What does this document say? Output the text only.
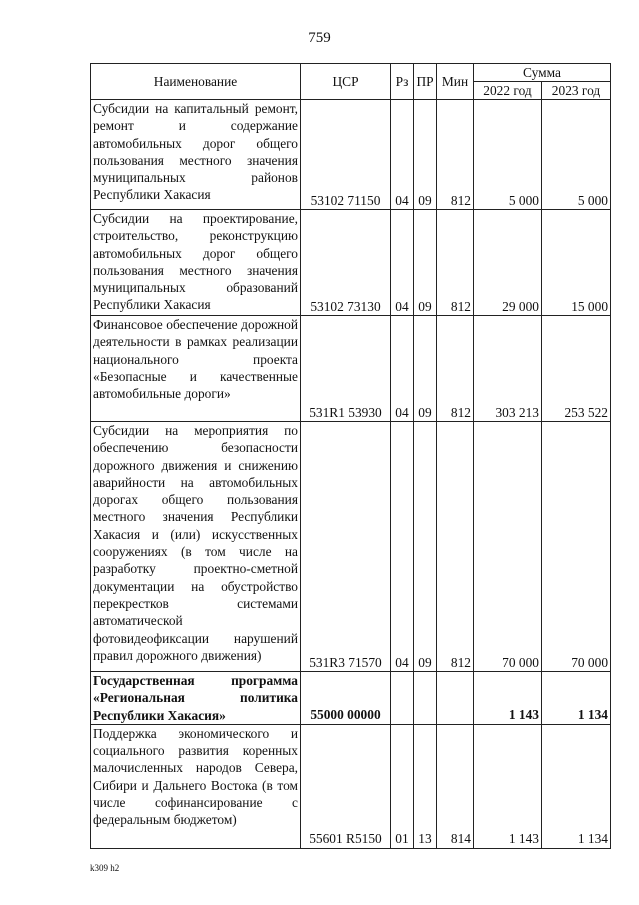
759
Наименование	ЦСР	Рз	ПР	Мин	Сумма	
					2022 год	2023 год
Субсидии на капитальный ремонт, ремонт и содержание автомобильных дорог общего пользования местного значения муниципальных районов Республики Хакасия	53102 71150	04	09	812	5 000	5 000
Субсидии на проектирование, строительство, реконструкцию автомобильных дорог общего пользования местного значения муниципальных образований Республики Хакасия	53102 73130	04	09	812	29 000	15 000
Финансовое обеспечение дорожной деятельности в рамках реализации национального проекта «Безопасные и качественные автомобильные дороги»	531R1 53930	04	09	812	303 213	253 522
Субсидии на мероприятия по обеспечению безопасности дорожного движения и снижению аварийности на автомобильных дорогах общего пользования местного значения Республики Хакасия и (или) искусственных сооружениях (в том числе на разработку проектно-сметной документации на обустройство перекрестков системами автоматической фотовидеофиксации нарушений правил дорожного движения)	531R3 71570	04	09	812	70 000	70 000
Государственная программа «Региональная политика Республики Хакасия»	55000 00000				1 143	1 134
Поддержка экономического и социального развития коренных малочисленных народов Севера, Сибири и Дальнего Востока (в том числе софинансирование с федеральным бюджетом)	55601 R5150	01	13	814	1 143	1 134
k309 h2
